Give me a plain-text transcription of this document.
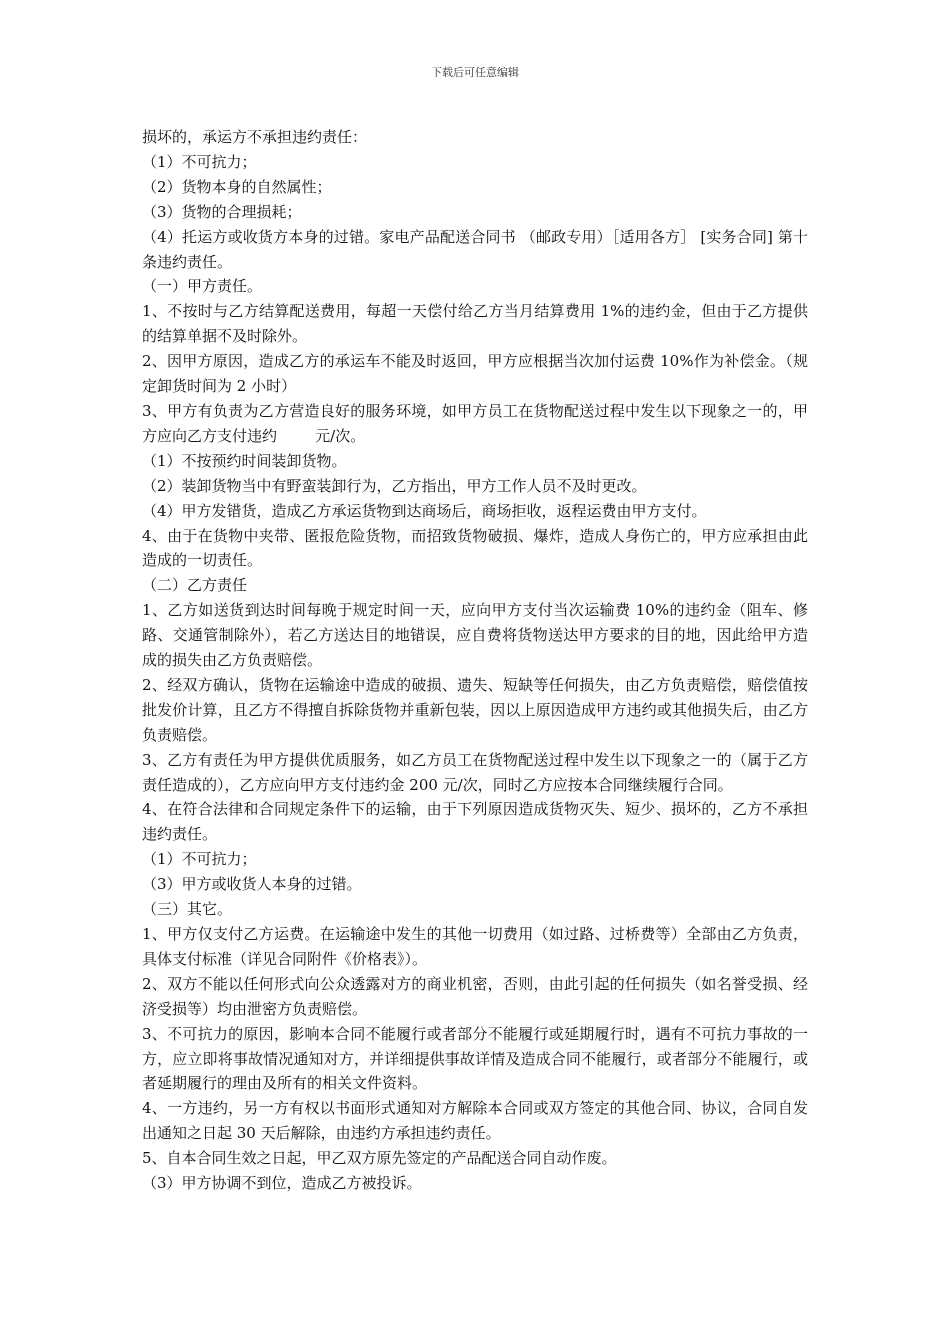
下载后可任意编辑

损坏的，承运方不承担违约责任：

（1）不可抗力；

（2）货物本身的自然属性；

（3）货物的合理损耗；

（4）托运方或收货方本身的过错。家电产品配送合同书 （邮政专用）［适用各方］ [实务合同] 第十条违约责任。

（一）甲方责任。

1、不按时与乙方结算配送费用，每超一天偿付给乙方当月结算费用 1%的违约金，但由于乙方提供的结算单据不及时除外。

2、因甲方原因，造成乙方的承运车不能及时返回，甲方应根据当次加付运费 10%作为补偿金。（规定卸货时间为 2 小时）

3、甲方有负责为乙方营造良好的服务环境，如甲方员工在货物配送过程中发生以下现象之一的，甲方应向乙方支付违约        元/次。

（1）不按预约时间装卸货物。

（2）装卸货物当中有野蛮装卸行为，乙方指出，甲方工作人员不及时更改。

（4）甲方发错货，造成乙方承运货物到达商场后，商场拒收，返程运费由甲方支付。

4、由于在货物中夹带、匿报危险货物，而招致货物破损、爆炸，造成人身伤亡的，甲方应承担由此造成的一切责任。

（二）乙方责任

1、乙方如送货到达时间每晚于规定时间一天，应向甲方支付当次运输费 10%的违约金（阻车、修路、交通管制除外），若乙方送达目的地错误，应自费将货物送达甲方要求的目的地，因此给甲方造成的损失由乙方负责赔偿。

2、经双方确认，货物在运输途中造成的破损、遗失、短缺等任何损失，由乙方负责赔偿，赔偿值按批发价计算，且乙方不得擅自拆除货物并重新包装，因以上原因造成甲方违约或其他损失后，由乙方负责赔偿。

3、乙方有责任为甲方提供优质服务，如乙方员工在货物配送过程中发生以下现象之一的（属于乙方责任造成的），乙方应向甲方支付违约金 200 元/次，同时乙方应按本合同继续履行合同。

4、在符合法律和合同规定条件下的运输，由于下列原因造成货物灭失、短少、损坏的，乙方不承担违约责任。

（1）不可抗力；

（3）甲方或收货人本身的过错。

（三）其它。

1、甲方仅支付乙方运费。在运输途中发生的其他一切费用（如过路、过桥费等）全部由乙方负责，具体支付标准（详见合同附件《价格表》）。

2、双方不能以任何形式向公众透露对方的商业机密，否则，由此引起的任何损失（如名誉受损、经济受损等）均由泄密方负责赔偿。

3、不可抗力的原因，影响本合同不能履行或者部分不能履行或延期履行时，遇有不可抗力事故的一方，应立即将事故情况通知对方，并详细提供事故详情及造成合同不能履行，或者部分不能履行，或者延期履行的理由及所有的相关文件资料。

4、一方违约，另一方有权以书面形式通知对方解除本合同或双方签定的其他合同、协议，合同自发出通知之日起 30 天后解除，由违约方承担违约责任。

5、自本合同生效之日起，甲乙双方原先签定的产品配送合同自动作废。

（3）甲方协调不到位，造成乙方被投诉。
